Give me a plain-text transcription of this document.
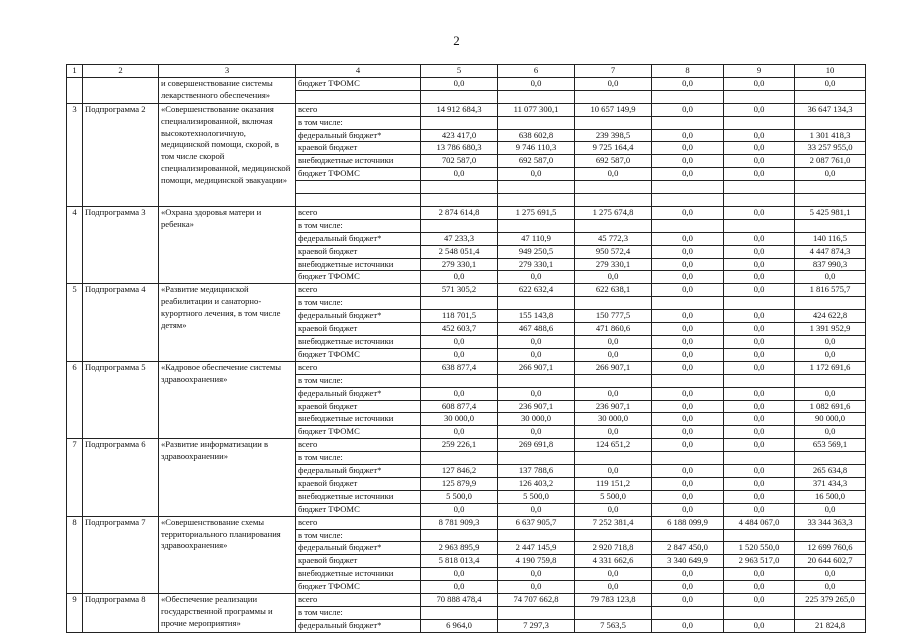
2
1	2	3	4	5	6	7	8	9	10
		и совершенствование системы лекарственного обеспечения»	бюджет ТФОМС	0,0	0,0	0,0	0,0	0,0	0,0

3	Подпрограмма 2	«Совершенствование оказания специализированной, включая высокотехнологичную, медицинской помощи, скорой, в том числе скорой специализированной, медицинской помощи, медицинской эвакуации»	всего	14 912 684,3	11 077 300,1	10 657 149,9	0,0	0,0	36 647 134,3
			в том числе:						
			федеральный бюджет*	423 417,0	638 602,8	239 398,5	0,0	0,0	1 301 418,3
			краевой бюджет	13 786 680,3	9 746 110,3	9 725 164,4	0,0	0,0	33 257 955,0
			внебюджетные источники	702 587,0	692 587,0	692 587,0	0,0	0,0	2 087 761,0
			бюджет ТФОМС	0,0	0,0	0,0	0,0	0,0	0,0

4	Подпрограмма 3	«Охрана здоровья матери и ребенка»	всего	2 874 614,8	1 275 691,5	1 275 674,8	0,0	0,0	5 425 981,1
			в том числе:						
			федеральный бюджет*	47 233,3	47 110,9	45 772,3	0,0	0,0	140 116,5
			краевой бюджет	2 548 051,4	949 250,5	950 572,4	0,0	0,0	4 447 874,3
			внебюджетные источники	279 330,1	279 330,1	279 330,1	0,0	0,0	837 990,3
			бюджет ТФОМС	0,0	0,0	0,0	0,0	0,0	0,0
5	Подпрограмма 4	«Развитие медицинской реабилитации и санаторно-курортного лечения, в том числе детям»	всего	571 305,2	622 632,4	622 638,1	0,0	0,0	1 816 575,7
			в том числе:						
			федеральный бюджет*	118 701,5	155 143,8	150 777,5	0,0	0,0	424 622,8
			краевой бюджет	452 603,7	467 488,6	471 860,6	0,0	0,0	1 391 952,9
			внебюджетные источники	0,0	0,0	0,0	0,0	0,0	0,0
			бюджет ТФОМС	0,0	0,0	0,0	0,0	0,0	0,0
6	Подпрограмма 5	«Кадровое обеспечение системы здравоохранения»	всего	638 877,4	266 907,1	266 907,1	0,0	0,0	1 172 691,6
			в том числе:						
			федеральный бюджет*	0,0	0,0	0,0	0,0	0,0	0,0
			краевой бюджет	608 877,4	236 907,1	236 907,1	0,0	0,0	1 082 691,6
			внебюджетные источники	30 000,0	30 000,0	30 000,0	0,0	0,0	90 000,0
			бюджет ТФОМС	0,0	0,0	0,0	0,0	0,0	0,0
7	Подпрограмма 6	«Развитие информатизации в здравоохранении»	всего	259 226,1	269 691,8	124 651,2	0,0	0,0	653 569,1
			в том числе:						
			федеральный бюджет*	127 846,2	137 788,6	0,0	0,0	0,0	265 634,8
			краевой бюджет	125 879,9	126 403,2	119 151,2	0,0	0,0	371 434,3
			внебюджетные источники	5 500,0	5 500,0	5 500,0	0,0	0,0	16 500,0
			бюджет ТФОМС	0,0	0,0	0,0	0,0	0,0	0,0
8	Подпрограмма 7	«Совершенствование схемы территориального планирования здравоохранения»	всего	8 781 909,3	6 637 905,7	7 252 381,4	6 188 099,9	4 484 067,0	33 344 363,3
			в том числе:						
			федеральный бюджет*	2 963 895,9	2 447 145,9	2 920 718,8	2 847 450,0	1 520 550,0	12 699 760,6
			краевой бюджет	5 818 013,4	4 190 759,8	4 331 662,6	3 340 649,9	2 963 517,0	20 644 602,7
			внебюджетные источники	0,0	0,0	0,0	0,0	0,0	0,0
			бюджет ТФОМС	0,0	0,0	0,0	0,0	0,0	0,0
9	Подпрограмма 8	«Обеспечение реализации государственной программы и прочие мероприятия»	всего	70 888 478,4	74 707 662,8	79 783 123,8	0,0	0,0	225 379 265,0
			в том числе:						
			федеральный бюджет*	6 964,0	7 297,3	7 563,5	0,0	0,0	21 824,8
